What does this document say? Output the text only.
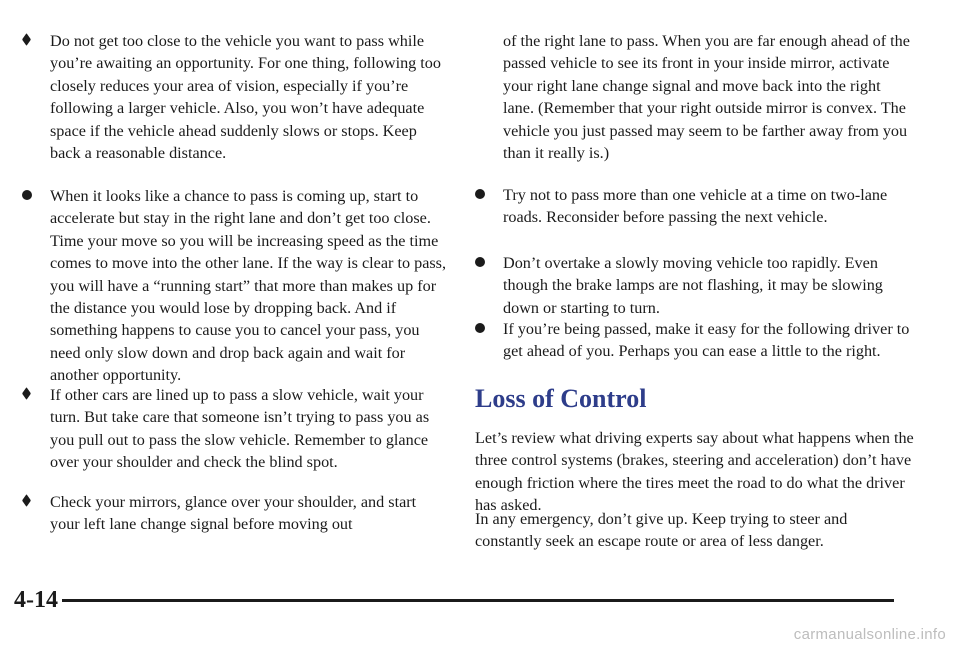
Do not get too close to the vehicle you want to pass while you’re awaiting an opportunity. For one thing, following too closely reduces your area of vision, especially if you’re following a larger vehicle. Also, you won’t have adequate space if the vehicle ahead suddenly slows or stops. Keep back a reasonable distance.
When it looks like a chance to pass is coming up, start to accelerate but stay in the right lane and don’t get too close. Time your move so you will be increasing speed as the time comes to move into the other lane. If the way is clear to pass, you will have a “running start” that more than makes up for the distance you would lose by dropping back. And if something happens to cause you to cancel your pass, you need only slow down and drop back again and wait for another opportunity.
If other cars are lined up to pass a slow vehicle, wait your turn. But take care that someone isn’t trying to pass you as you pull out to pass the slow vehicle. Remember to glance over your shoulder and check the blind spot.
Check your mirrors, glance over your shoulder, and start your left lane change signal before moving out

of the right lane to pass. When you are far enough ahead of the passed vehicle to see its front in your inside mirror, activate your right lane change signal and move back into the right lane. (Remember that your right outside mirror is convex. The vehicle you just passed may seem to be farther away from you than it really is.)

Try not to pass more than one vehicle at a time on two-lane roads. Reconsider before passing the next vehicle.
Don’t overtake a slowly moving vehicle too rapidly. Even though the brake lamps are not flashing, it may be slowing down or starting to turn.
If you’re being passed, make it easy for the following driver to get ahead of you. Perhaps you can ease a little to the right.
Loss of Control

Let’s review what driving experts say about what happens when the three control systems (brakes, steering and acceleration) don’t have enough friction where the tires meet the road to do what the driver has asked.

In any emergency, don’t give up. Keep trying to steer and constantly seek an escape route or area of less danger.

4-14
carmanualsonline.info
